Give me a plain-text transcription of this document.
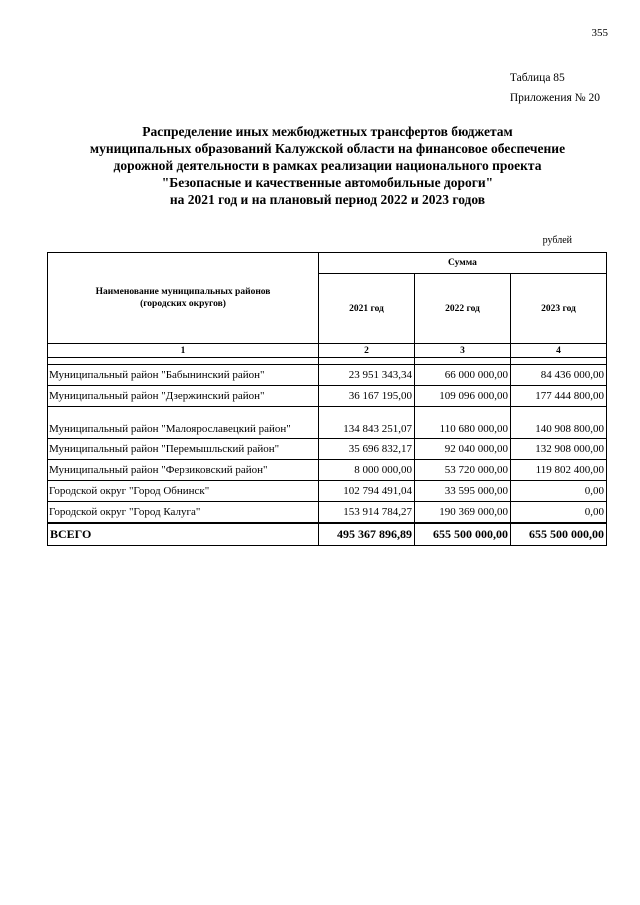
355
Таблица 85
Приложения № 20
Распределение иных межбюджетных трансфертов бюджетам
муниципальных образований Калужской области на финансовое обеспечение
дорожной деятельности в рамках реализации национального проекта
"Безопасные и качественные автомобильные дороги"
на 2021 год и на плановый период 2022 и 2023 годов
рублей
Наименование муниципальных районов
(городских округов)	Сумма		
	2021 год	2022 год	2023 год
1	2	3	4

Муниципальный район "Бабынинский район"	23 951 343,34	66 000 000,00	84 436 000,00
Муниципальный район "Дзержинский район"	36 167 195,00	109 096 000,00	177 444 800,00
Муниципальный район "Малоярославецкий район"	134 843 251,07	110 680 000,00	140 908 800,00
Муниципальный район "Перемышльский район"	35 696 832,17	92 040 000,00	132 908 000,00
Муниципальный район "Ферзиковский район"	8 000 000,00	53 720 000,00	119 802 400,00
Городской округ "Город Обнинск"	102 794 491,04	33 595 000,00	0,00
Городской округ "Город Калуга"	153 914 784,27	190 369 000,00	0,00
ВСЕГО	495 367 896,89	655 500 000,00	655 500 000,00
